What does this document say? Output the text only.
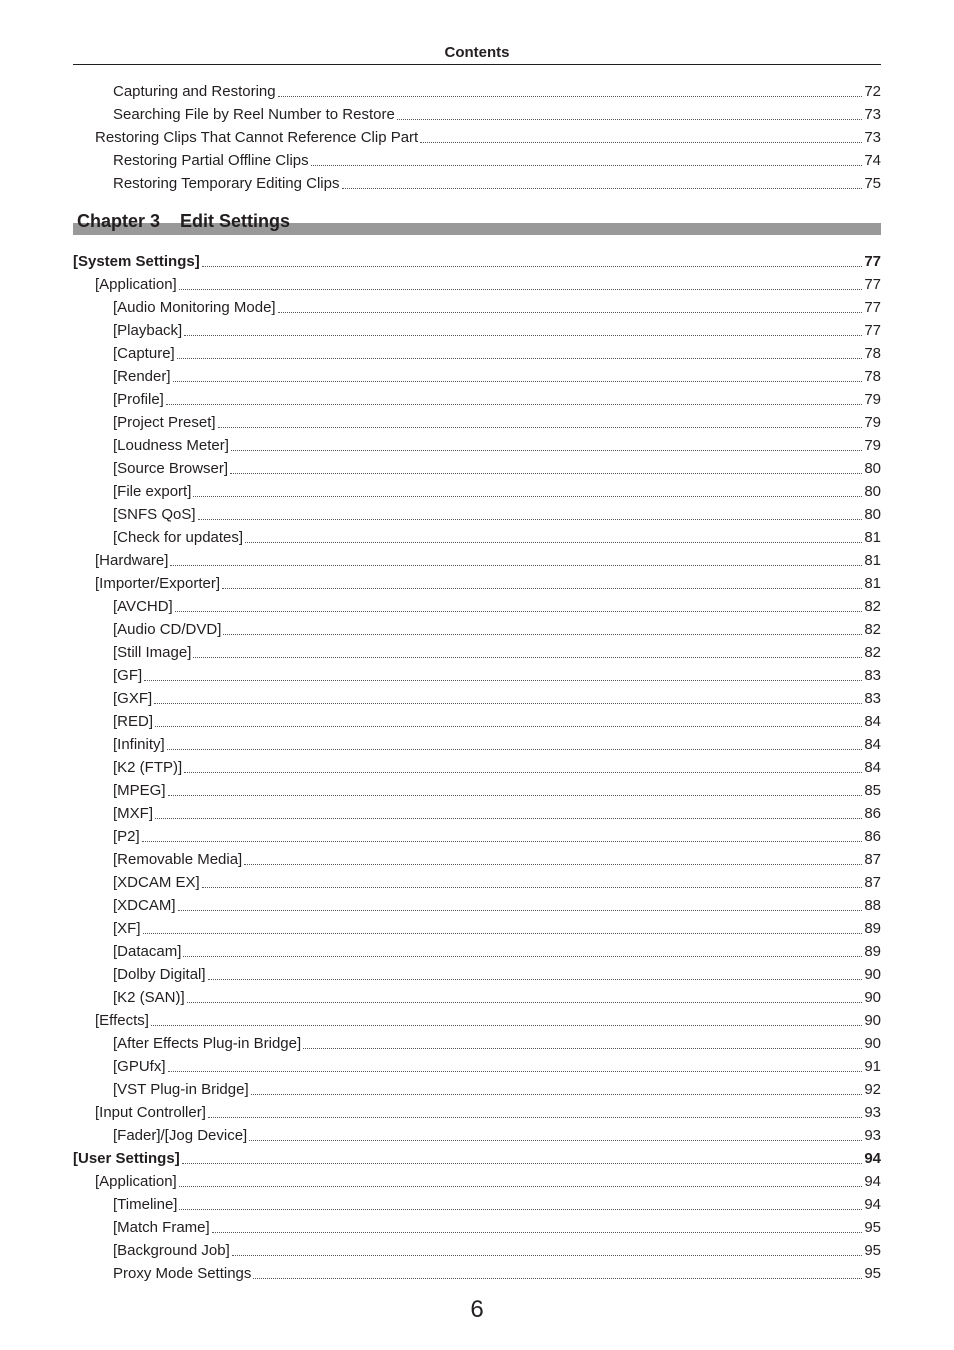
Contents
Capturing and Restoring	72
Searching File by Reel Number to Restore	73
Restoring Clips That Cannot Reference Clip Part	73
Restoring Partial Offline Clips	74
Restoring Temporary Editing Clips	75
Chapter 3 Edit Settings
[System Settings]	77
[Application]	77
[Audio Monitoring Mode]	77
[Playback]	77
[Capture]	78
[Render]	78
[Profile]	79
[Project Preset]	79
[Loudness Meter]	79
[Source Browser]	80
[File export]	80
[SNFS QoS]	80
[Check for updates]	81
[Hardware]	81
[Importer/Exporter]	81
[AVCHD]	82
[Audio CD/DVD]	82
[Still Image]	82
[GF]	83
[GXF]	83
[RED]	84
[Infinity]	84
[K2 (FTP)]	84
[MPEG]	85
[MXF]	86
[P2]	86
[Removable Media]	87
[XDCAM EX]	87
[XDCAM]	88
[XF]	89
[Datacam]	89
[Dolby Digital]	90
[K2 (SAN)]	90
[Effects]	90
[After Effects Plug-in Bridge]	90
[GPUfx]	91
[VST Plug-in Bridge]	92
[Input Controller]	93
[Fader]/[Jog Device]	93
[User Settings]	94
[Application]	94
[Timeline]	94
[Match Frame]	95
[Background Job]	95
Proxy Mode Settings	95
6
